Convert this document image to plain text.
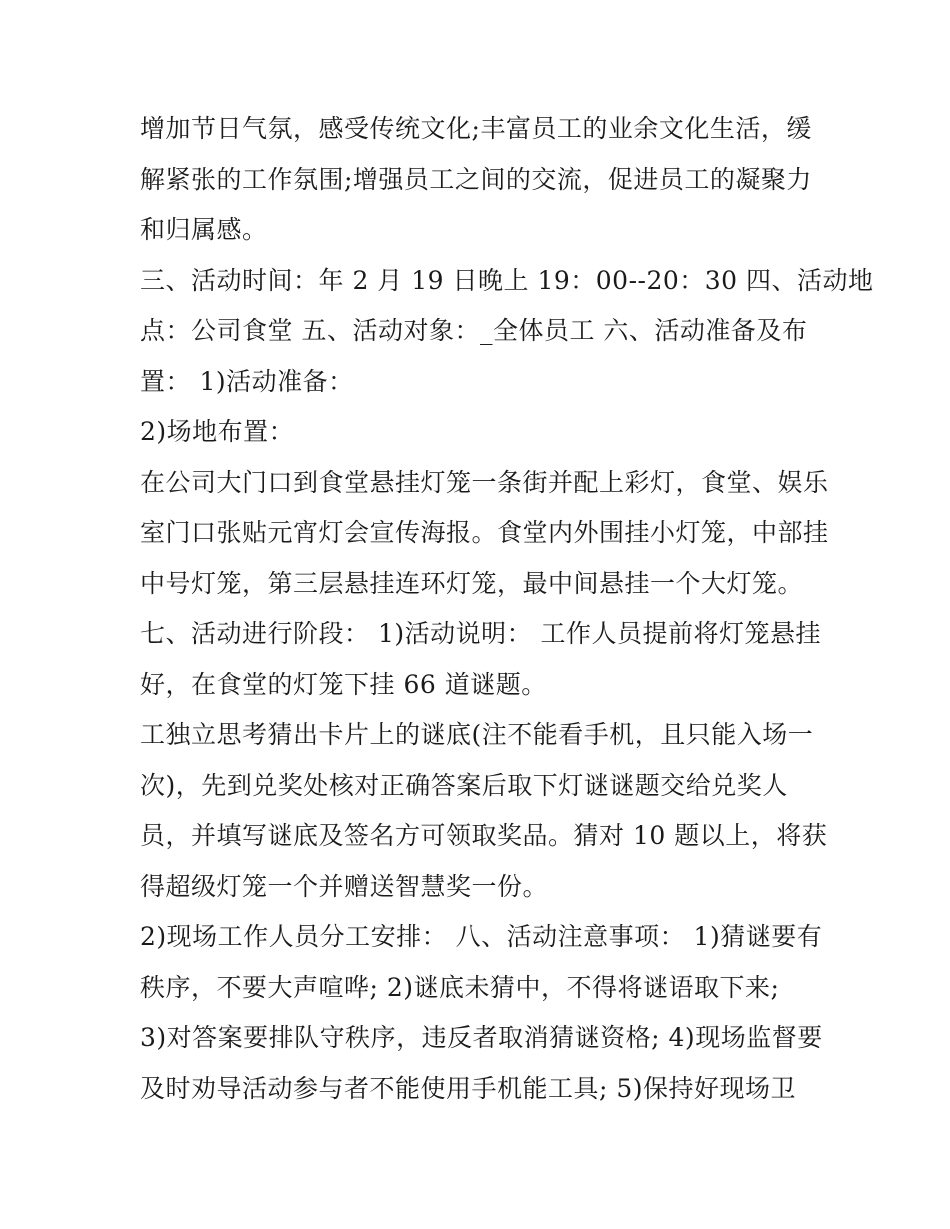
增加节日气氛，感受传统文化;丰富员工的业余文化生活，缓
解紧张的工作氛围;增强员工之间的交流，促进员工的凝聚力
和归属感。
三、活动时间：年 2 月 19 日晚上 19：00--20：30 四、活动地
点：公司食堂 五、活动对象：_全体员工 六、活动准备及布
置： 1)活动准备：
2)场地布置：
在公司大门口到食堂悬挂灯笼一条街并配上彩灯，食堂、娱乐
室门口张贴元宵灯会宣传海报。食堂内外围挂小灯笼，中部挂
中号灯笼，第三层悬挂连环灯笼，最中间悬挂一个大灯笼。
七、活动进行阶段： 1)活动说明： 工作人员提前将灯笼悬挂
好，在食堂的灯笼下挂 66 道谜题。
工独立思考猜出卡片上的谜底(注不能看手机，且只能入场一
次)，先到兑奖处核对正确答案后取下灯谜谜题交给兑奖人
员，并填写谜底及签名方可领取奖品。猜对 10 题以上，将获
得超级灯笼一个并赠送智慧奖一份。
2)现场工作人员分工安排： 八、活动注意事项： 1)猜谜要有
秩序，不要大声喧哗; 2)谜底未猜中，不得将谜语取下来;
3)对答案要排队守秩序，违反者取消猜谜资格; 4)现场监督要
及时劝导活动参与者不能使用手机能工具; 5)保持好现场卫
